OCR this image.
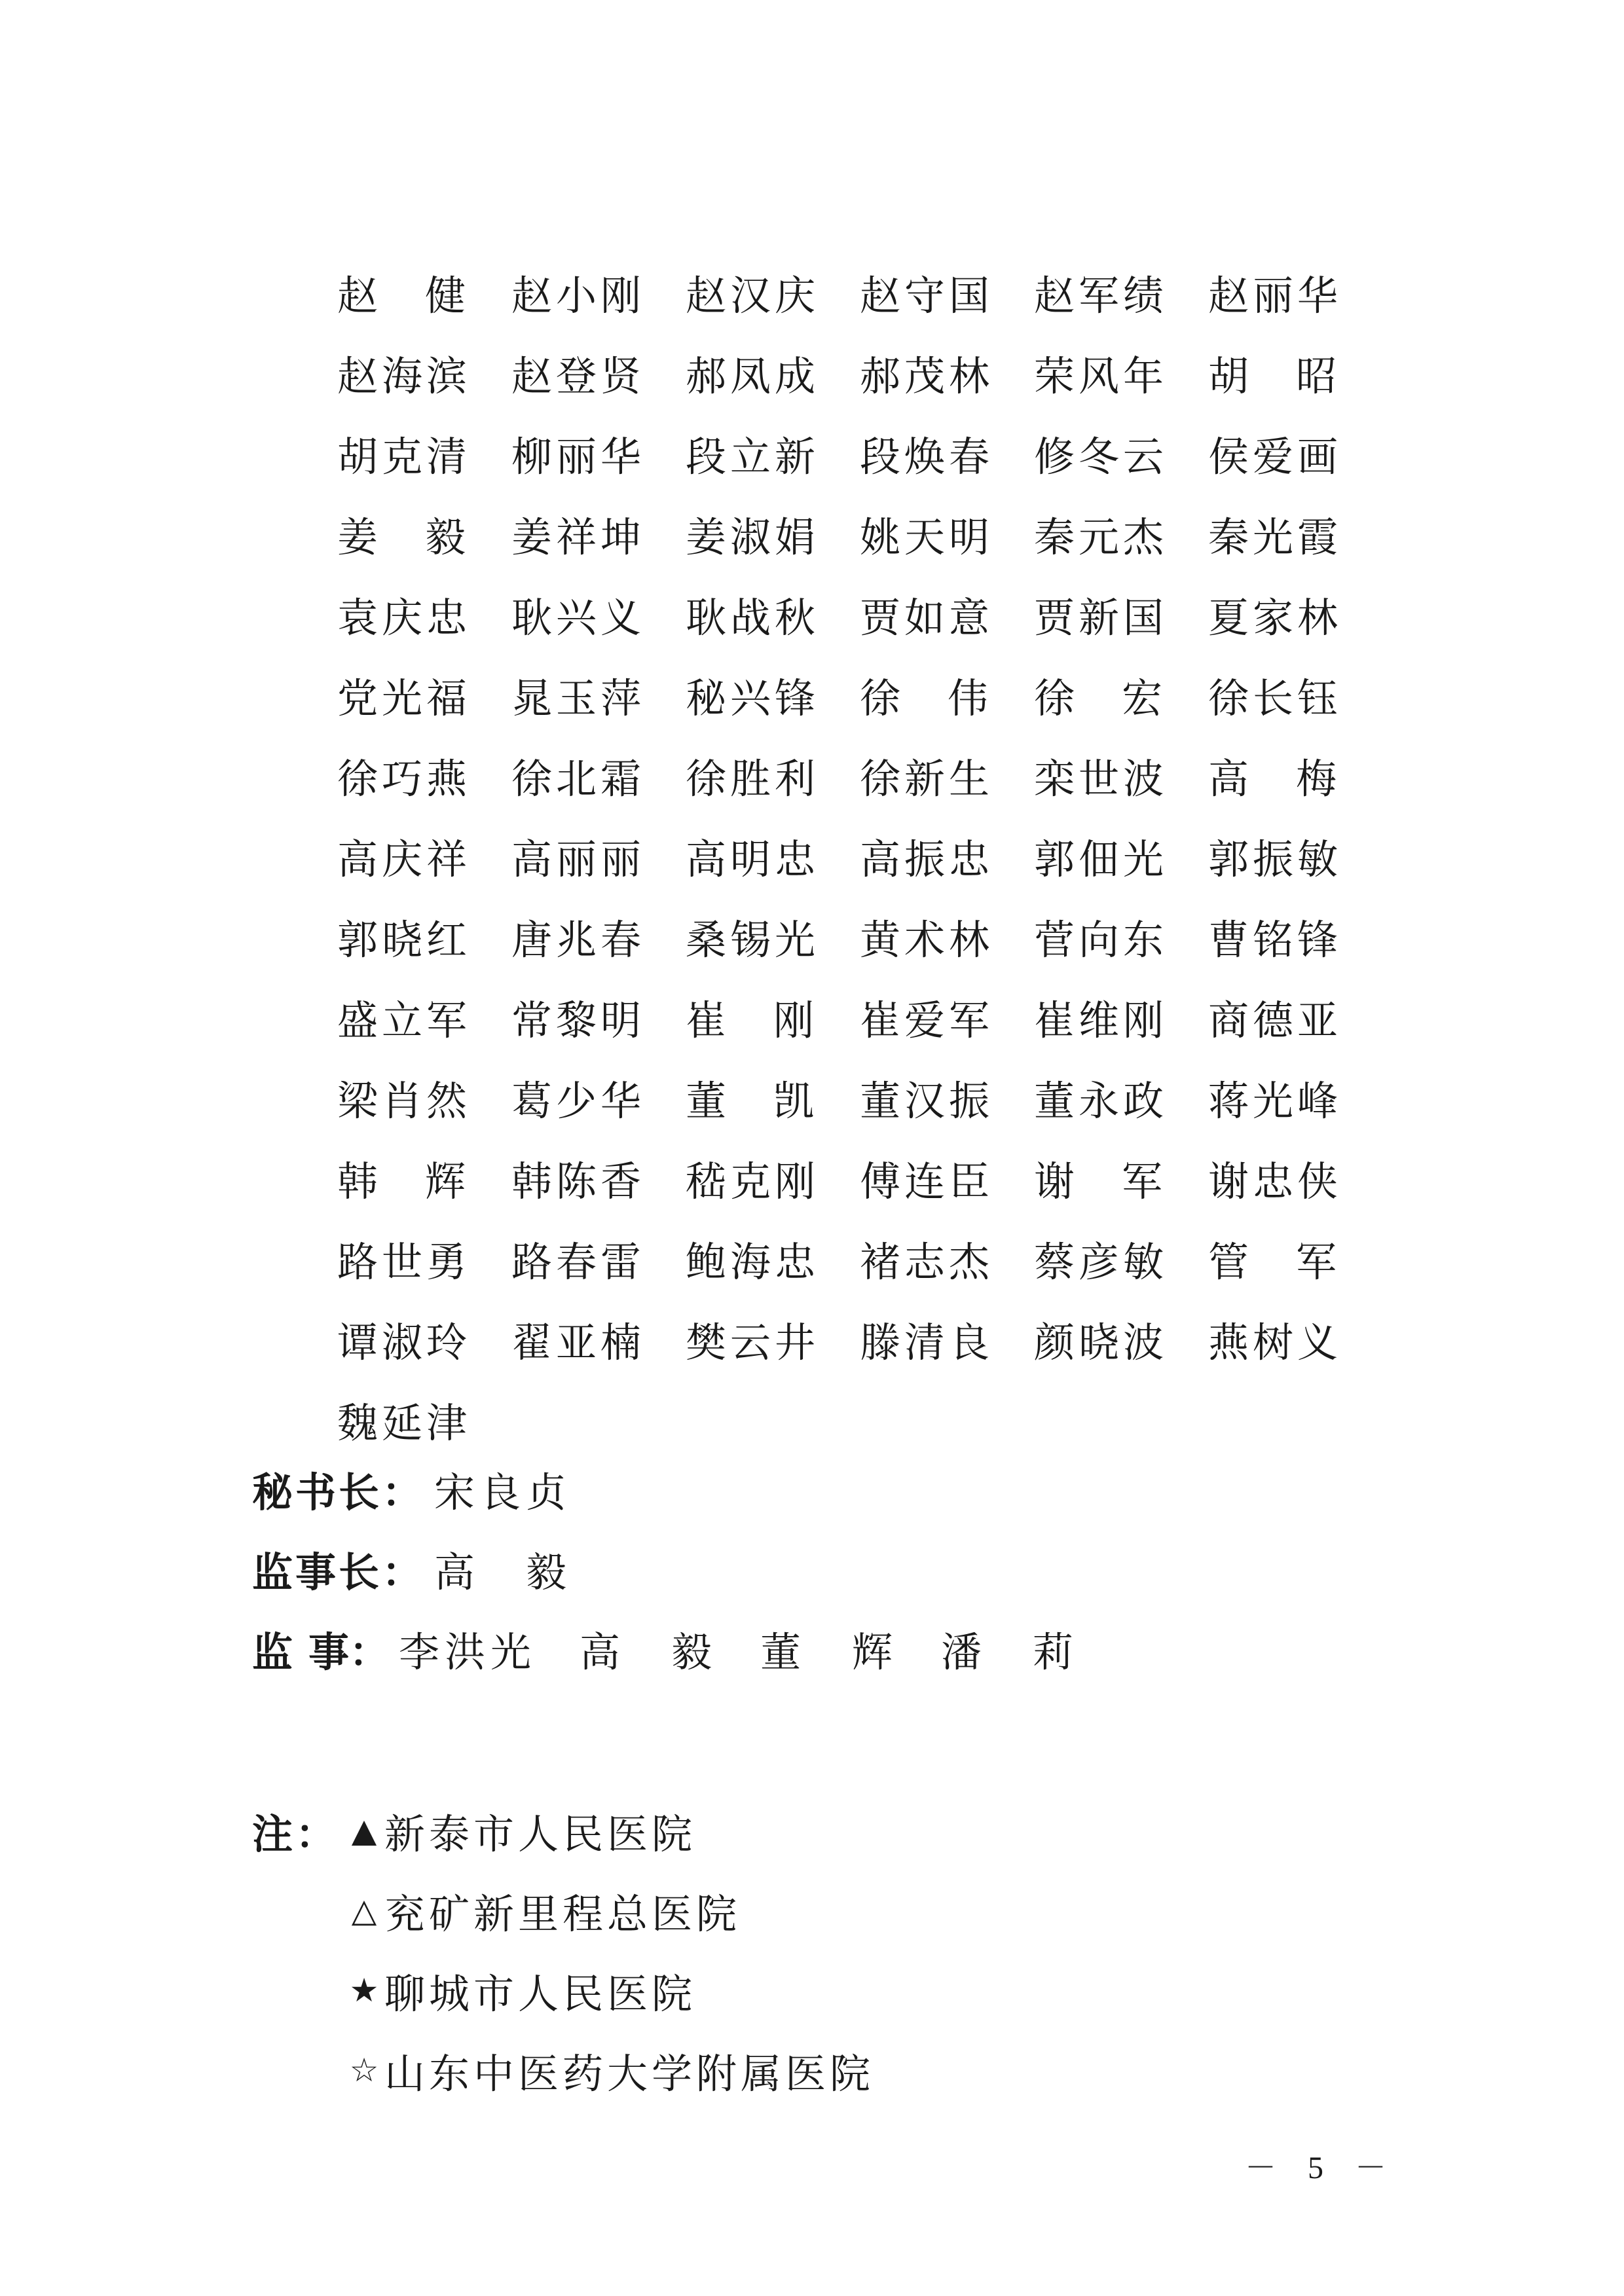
赵 健 赵小刚 赵汉庆 赵守国 赵军绩 赵丽华
赵海滨 赵登贤 郝凤成 郝茂林 荣风年 胡 昭
胡克清 柳丽华 段立新 段焕春 修冬云 侯爱画
姜 毅 姜祥坤 姜淑娟 姚天明 秦元杰 秦光霞
袁庆忠 耿兴义 耿战秋 贾如意 贾新国 夏家林
党光福 晁玉萍 秘兴锋 徐 伟 徐 宏 徐长钰
徐巧燕 徐北霜 徐胜利 徐新生 栾世波 高 梅
高庆祥 高丽丽 高明忠 高振忠 郭佃光 郭振敏
郭晓红 唐兆春 桑锡光 黄术林 菅向东 曹铭锋
盛立军 常黎明 崔 刚 崔爱军 崔维刚 商德亚
梁肖然 葛少华 董 凯 董汉振 董永政 蒋光峰
韩 辉 韩陈香 嵇克刚 傅连臣 谢 军 谢忠侠
路世勇 路春雷 鲍海忠 褚志杰 蔡彦敏 管 军
谭淑玲 翟亚楠 樊云井 滕清良 颜晓波 燕树义
魏延津
秘书长： 宋良贞
监事长： 高 毅
监 事： 李洪光 高　毅 董　辉 潘　莉
注： ▲ 新泰市人民医院
△ 兖矿新里程总医院
★ 聊城市人民医院
☆ 山东中医药大学附属医院
－ 5 －
